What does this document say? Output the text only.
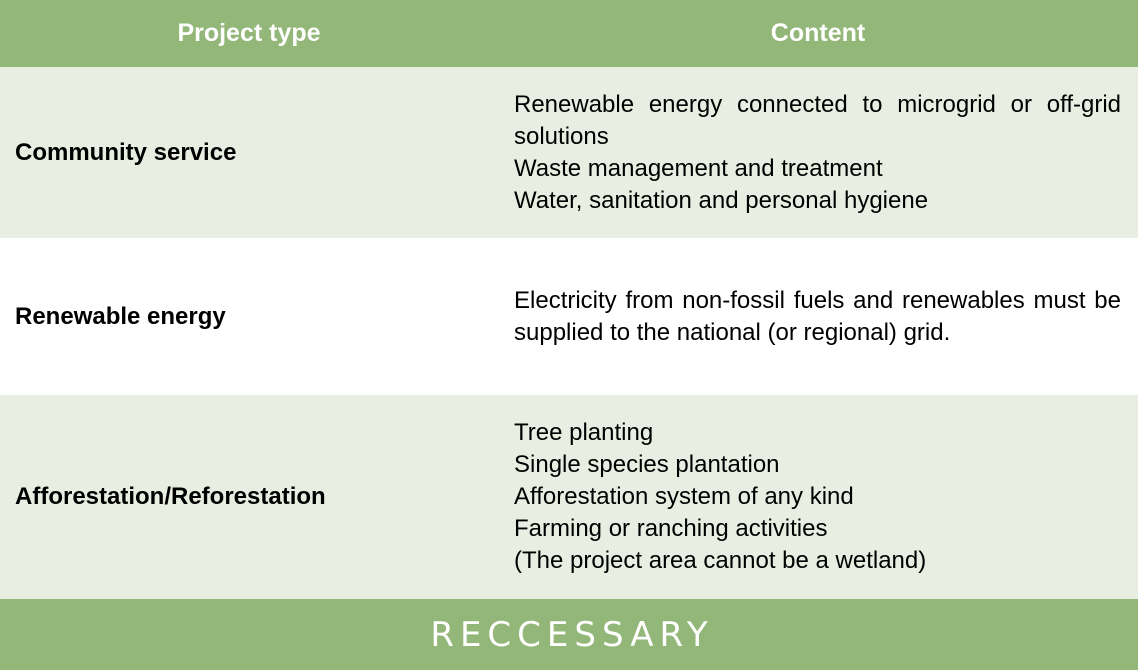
Project type	Content
Community service
Renewable energy connected to microgrid or off-grid solutions
Waste management and treatment
Water, sanitation and personal hygiene
Renewable energy
Electricity from non-fossil fuels and renewables must be supplied to the national (or regional) grid.
Afforestation/Reforestation
Tree planting
Single species plantation
Afforestation system of any kind
Farming or ranching activities
(The project area cannot be a wetland)
RECCESSARY
